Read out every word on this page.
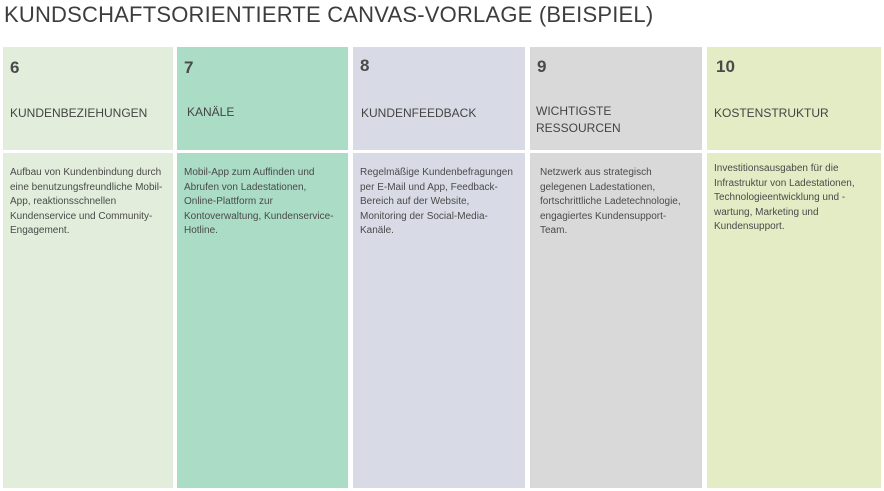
KUNDSCHAFTSORIENTIERTE CANVAS-VORLAGE (BEISPIEL)
6
KUNDENBEZIEHUNGEN
Aufbau von Kundenbindung durch eine benutzungsfreundliche Mobil-App, reaktionsschnellen Kundenservice und Community-Engagement.
7
KANÄLE
Mobil-App zum Auffinden und Abrufen von Ladestationen, Online-Plattform zur Kontoverwaltung, Kundenservice-Hotline.
8
KUNDENFEEDBACK
Regelmäßige Kundenbefragungen per E-Mail und App, Feedback-Bereich auf der Website, Monitoring der Social-Media-Kanäle.
9
WICHTIGSTE RESSOURCEN
Netzwerk aus strategisch gelegenen Ladestationen, fortschrittliche Ladetechnologie, engagiertes Kundensupport-Team.
10
KOSTENSTRUKTUR
Investitionsausgaben für die Infrastruktur von Ladestationen, Technologieentwicklung und -wartung, Marketing und Kundensupport.
